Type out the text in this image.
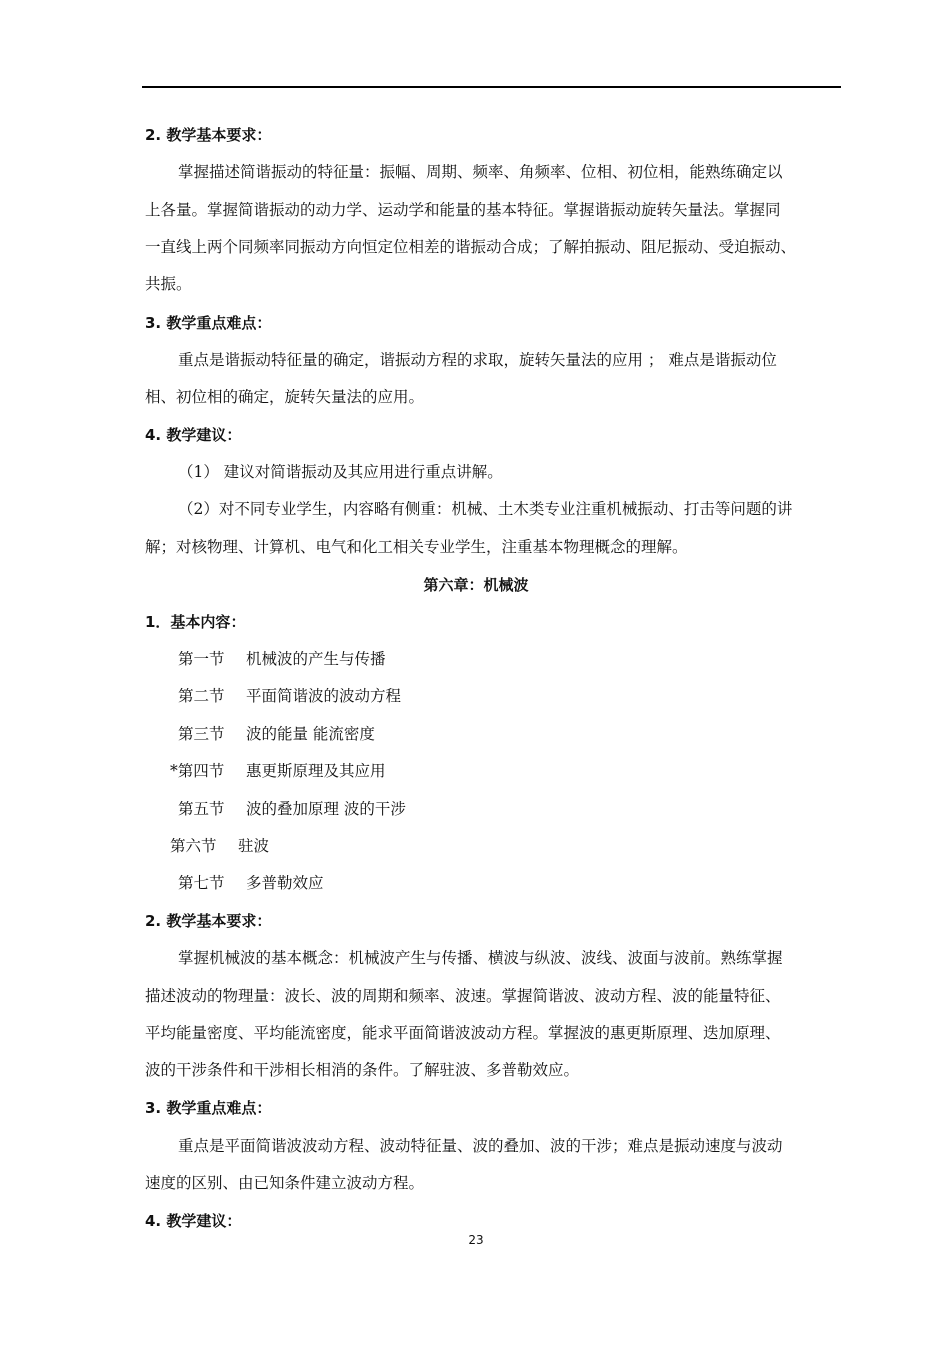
2. 教学基本要求：
掌握描述简谐振动的特征量：振幅、周期、频率、角频率、位相、初位相，能熟练确定以
上各量。掌握简谐振动的动力学、运动学和能量的基本特征。掌握谐振动旋转矢量法。掌握同
一直线上两个同频率同振动方向恒定位相差的谐振动合成；了解拍振动、阻尼振动、受迫振动、
共振。
3. 教学重点难点：
重点是谐振动特征量的确定，谐振动方程的求取，旋转矢量法的应用 ； 难点是谐振动位
相、初位相的确定，旋转矢量法的应用。
4. 教学建议：
（1） 建议对简谐振动及其应用进行重点讲解。
（2）对不同专业学生，内容略有侧重：机械、土木类专业注重机械振动、打击等问题的讲
解；对核物理、计算机、电气和化工相关专业学生，注重基本物理概念的理解。
第六章：机械波
1．基本内容：
第一节 机械波的产生与传播
第二节 平面简谐波的波动方程
第三节 波的能量 能流密度
*第四节 惠更斯原理及其应用
第五节 波的叠加原理 波的干涉
第六节 驻波
第七节 多普勒效应
2. 教学基本要求：
掌握机械波的基本概念：机械波产生与传播、横波与纵波、波线、波面与波前。熟练掌握
描述波动的物理量：波长、波的周期和频率、波速。掌握简谐波、波动方程、波的能量特征、
平均能量密度、平均能流密度，能求平面简谐波波动方程。掌握波的惠更斯原理、迭加原理、
波的干涉条件和干涉相长相消的条件。了解驻波、多普勒效应。
3. 教学重点难点：
重点是平面简谐波波动方程、波动特征量、波的叠加、波的干涉；难点是振动速度与波动
速度的区别、由已知条件建立波动方程。
4. 教学建议：
23
